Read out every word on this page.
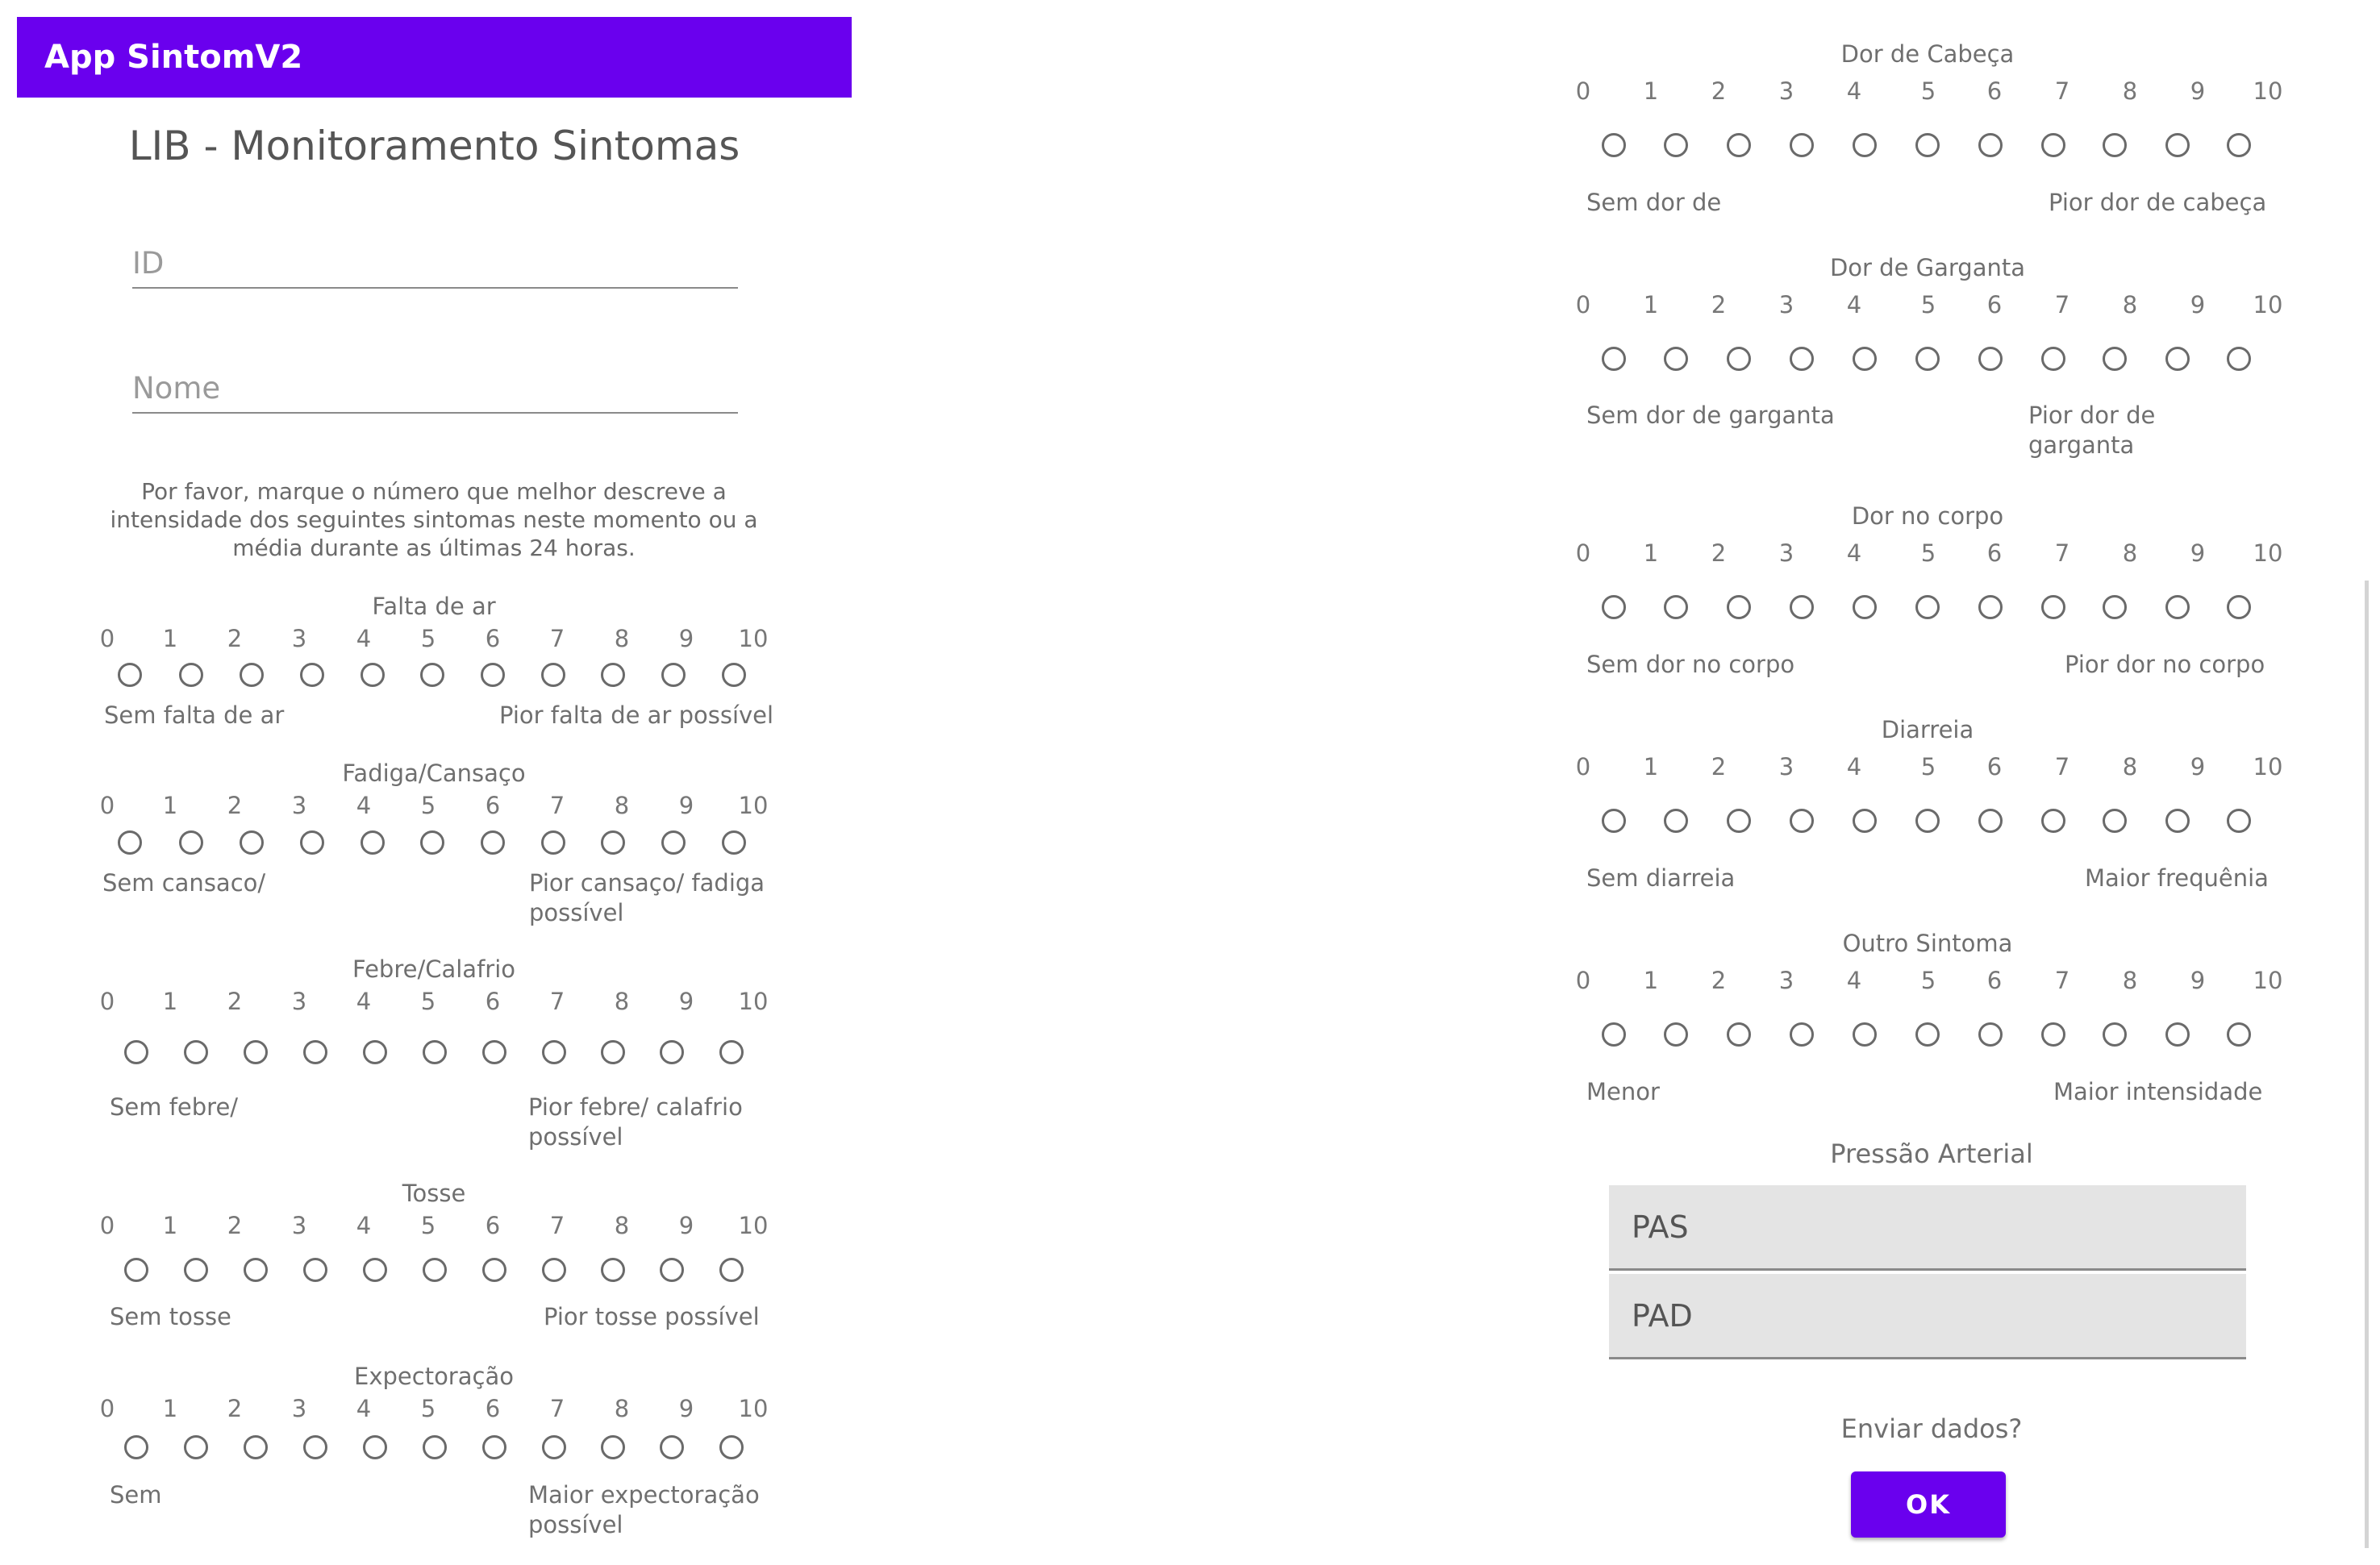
App SintomV2
LIB - Monitoramento Sintomas
ID
Nome
Por favor, marque o número que melhor descreve a intensidade dos seguintes sintomas neste momento ou a média durante as últimas 24 horas.
Falta de ar
0	1	2	3	4	5	6	7	8	9	10
Sem falta de ar	Pior falta de ar possível
Fadiga/Cansaço
0	1	2	3	4	5	6	7	8	9	10
Sem cansaco/	Pior cansaço/ fadiga possível
Febre/Calafrio
0	1	2	3	4	5	6	7	8	9	10
Sem febre/	Pior febre/ calafrio possível
Tosse
0	1	2	3	4	5	6	7	8	9	10
Sem tosse	Pior tosse possível
Expectoração
0	1	2	3	4	5	6	7	8	9	10
Sem	Maior expectoração possível
Dor de Cabeça
0	1	2	3	4	5	6	7	8	9	10
Sem dor de	Pior dor de cabeça
Dor de Garganta
0	1	2	3	4	5	6	7	8	9	10
Sem dor de garganta	Pior dor de garganta
Dor no corpo
0	1	2	3	4	5	6	7	8	9	10
Sem dor no corpo	Pior dor no corpo
Diarreia
0	1	2	3	4	5	6	7	8	9	10
Sem diarreia	Maior frequênia
Outro Sintoma
0	1	2	3	4	5	6	7	8	9	10
Menor	Maior intensidade
Pressão Arterial
PAS
PAD
Enviar dados?
OK
